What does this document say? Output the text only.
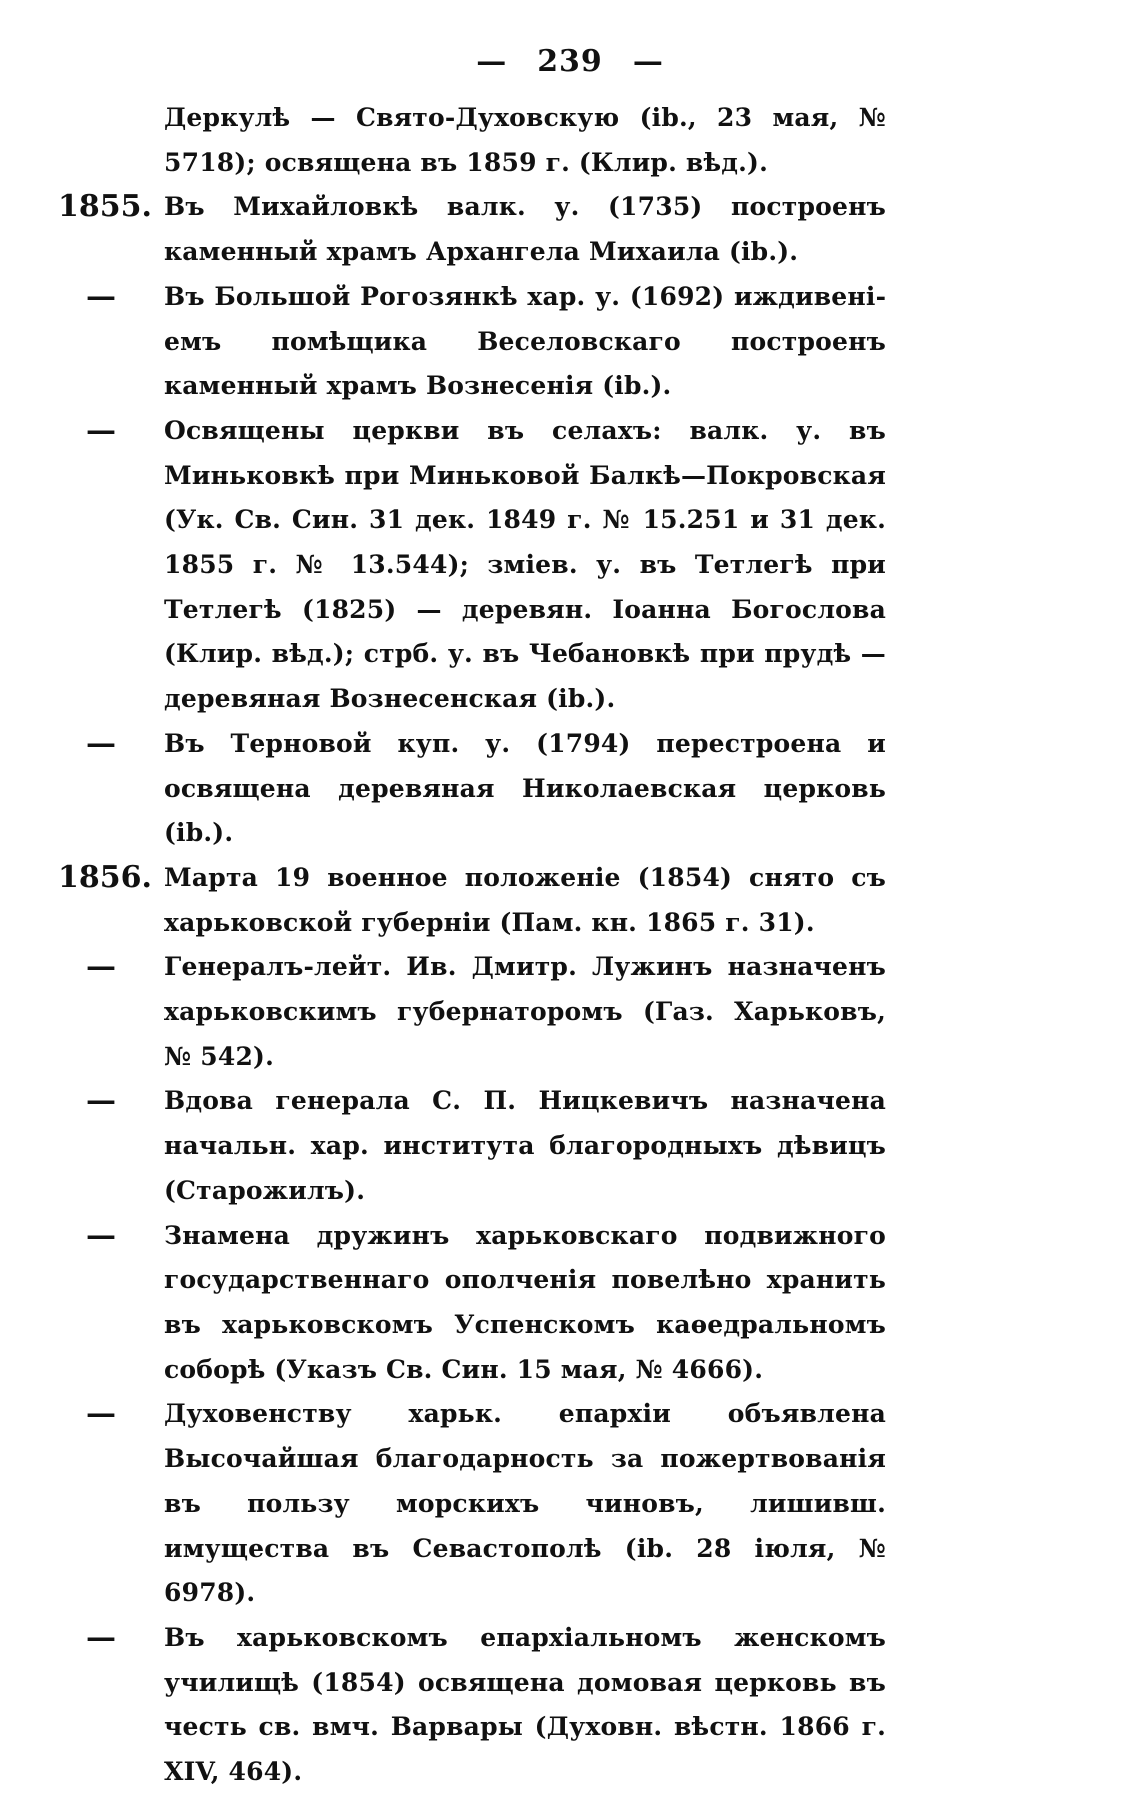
— 239 —
Деркулѣ — Свято-Духовскую (ib., 23 мая, № 5718); освящена въ 1859 г. (Клир. вѣд.).
1855. Въ Михайловкѣ валк. у. (1735) построенъ каменный храмъ Архангела Михаила (ib.).
—	Въ Большой Рогозянкѣ хар. у. (1692) иждивеніемъ помѣщика Веселовскаго построенъ каменный храмъ Вознесенія (ib.).
—	Освящены церкви въ селахъ: валк. у. въ Миньковкѣ при Миньковой Балкѣ—Покровская (Ук. Св. Син. 31 дек. 1849 г. № 15.251 и 31 дек. 1855 г. № 13.544); зміев. у. въ Тетлегѣ при Тетлегѣ (1825) — деревян. Іоанна Богослова (Клир. вѣд.); стрб. у. въ Чебановкѣ при прудѣ — деревяная Вознесенская (ib.).
—	Въ Терновой куп. у. (1794) перестроена и освящена деревяная Николаевская церковь (ib.).
1856. Марта 19 военное положеніе (1854) снято съ харьковской губерніи (Пам. кн. 1865 г. 31).
—	Генералъ-лейт. Ив. Дмитр. Лужинъ назначенъ харьковскимъ губернаторомъ (Газ. Харьковъ, № 542).
—	Вдова генерала С. П. Ницкевичъ назначена начальн. хар. института благородныхъ дѣвицъ (Старожилъ).
—	Знамена дружинъ харьковскаго подвижного государственнаго ополченія повелѣно хранить въ харьковскомъ Успенскомъ каѳедральномъ соборѣ (Указъ Св. Син. 15 мая, № 4666).
—	Духовенству харьк. епархіи объявлена Высочайшая благодарность за пожертвованія въ пользу морскихъ чиновъ, лишивш. имущества въ Севастополѣ (ib. 28 іюля, № 6978).
—	Въ харьковскомъ епархіальномъ женскомъ училищѣ (1854) освящена домовая церковь въ честь св. вмч. Варвары (Духовн. вѣстн. 1866 г. XIV, 464).
